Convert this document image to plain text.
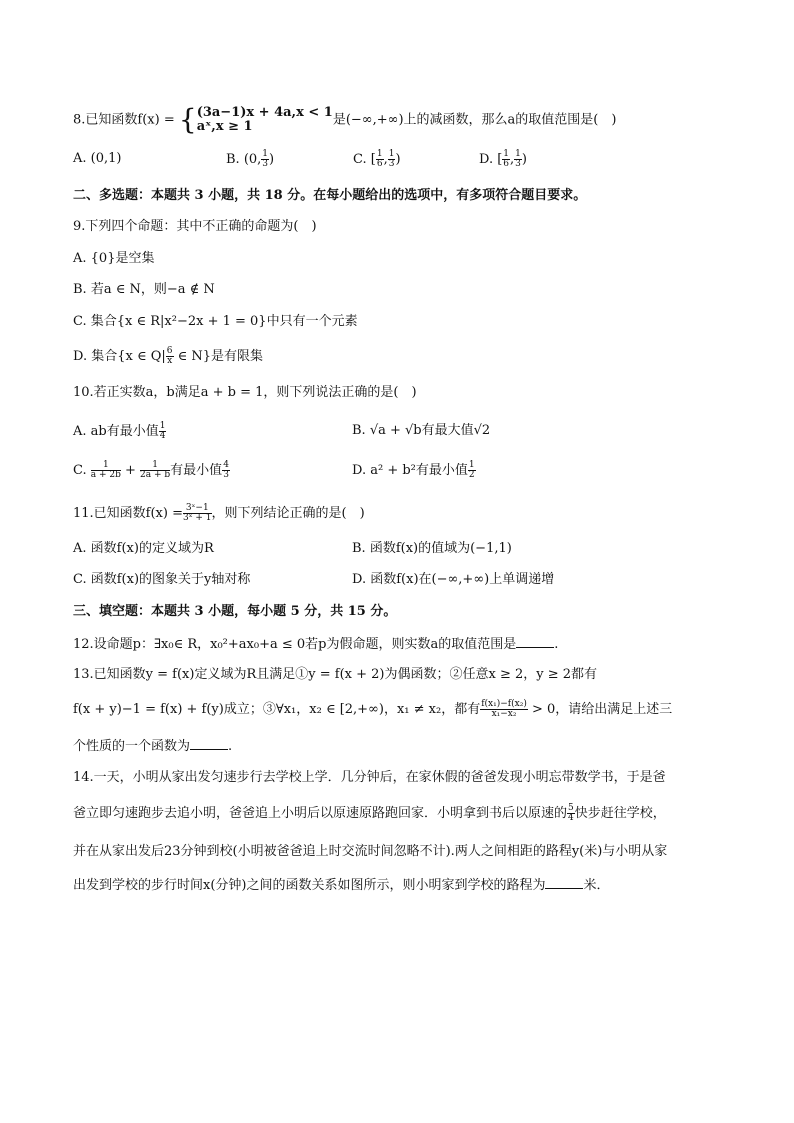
8.已知函数f(x) = { (3a−1)x + 4a,x < 1
aˣ,x ≥ 1	是(−∞,+∞)上的减函数，那么a的取值范围是(　)
A. (0,1)	B. (0, $\frac{1}{3}$ )	C. [ $\frac{1}{6}$ , $\frac{1}{3}$ )	D. [ $\frac{1}{6}$ , $\frac{1}{3}$ )
二、多选题：本题共 3 小题，共 18 分。在每小题给出的选项中，有多项符合题目要求。
9.下列四个命题：其中不正确的命题为(　)
A. {0}是空集
B. 若a ∈ N，则−a ∉ N
C. 集合{x ∈ R|x²−2x + 1 = 0}中只有一个元素
D. 集合{x ∈ $Q| \frac{6}{x}$ ∈ N}是有限集
10.若正实数a，b满足a + b = 1，则下列说法正确的是(　)
A. ab有最小值 $\frac{1}{4}$	B. √a + √b有最大值√2
C. $\frac{1}{a + 2b} + \frac{1}{2a + b}$ 有最小值 $\frac{4}{3}$	D. a² + b²有最小值 $\frac{1}{2}$
11.已知函数$f(x) = \frac{\text{3ˣ−1}}{\text{3ˣ + 1}}$ ，则下列结论正确的是(　)
A. 函数f(x)的定义域为R	B. 函数f(x)的值域为(−1,1)
C. 函数f(x)的图象关于y轴对称	D. 函数f(x)在(−∞,+∞)上单调递增
三、填空题：本题共 3 小题，每小题 5 分，共 15 分。
12.设命题p：∃x₀∈ R，x₀²+ax₀+a ≤ 0若p为假命题，则实数a的取值范围是	.
13.已知函数y = f(x)定义域为R且满足①y = f(x + 2)为偶函数；②任意x ≥ 2，y ≥ 2都有
f(x + y)−1 = f(x) + f(y)成立；③∀x₁，x₂ ∈ [2,+∞)，x₁ ≠ x₂，都有 $\frac{\text{f(x₁)−f(x₂)}}{\text{x₁−x₂}} > 0$，请给出满足上述三
个性质的一个函数为	.
14.一天，小明从家出发匀速步行去学校上学．几分钟后，在家休假的爸爸发现小明忘带数学书，于是爸
爸立即匀速跑步去追小明，爸爸追上小明后以原速原路跑回家．小明拿到书后以原速的 $\frac{5}{4}$ 快步赶往学校，
并在从家出发后23分钟到校(小明被爸爸追上时交流时间忽略不计).两人之间相距的路程y(米)与小明从家
出发到学校的步行时间x(分钟)之间的函数关系如图所示，则小明家到学校的路程为	米．
